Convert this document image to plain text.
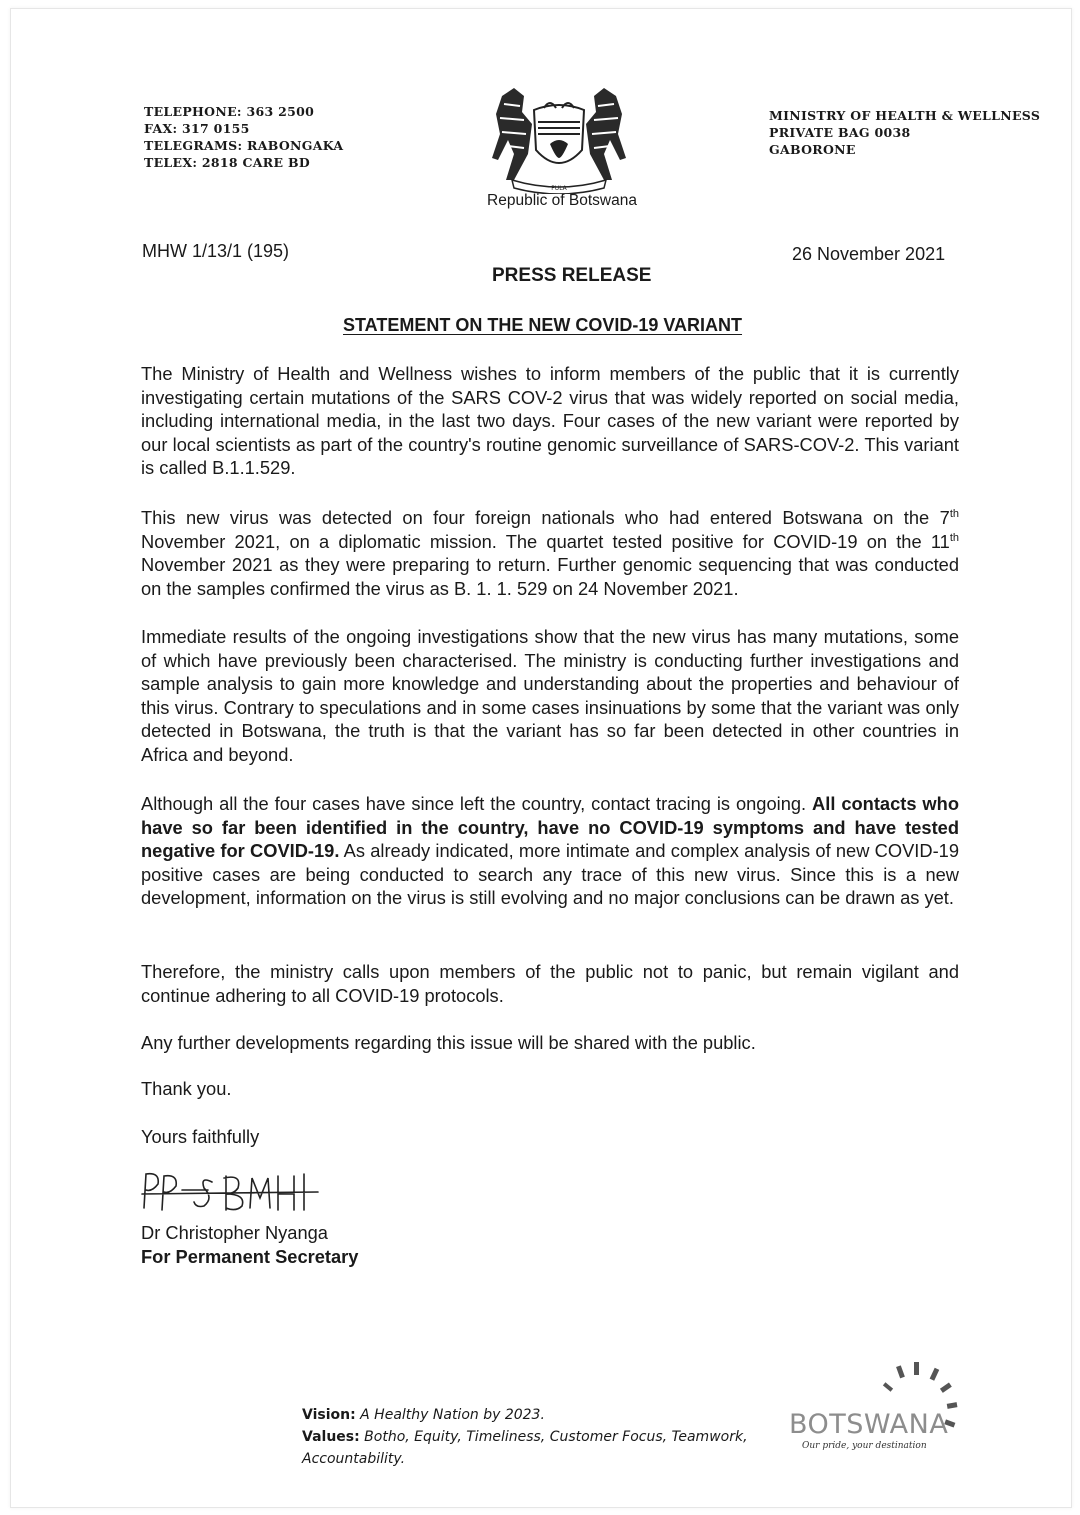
TELEPHONE: 363 2500
FAX: 317 0155
TELEGRAMS: RABONGAKA
TELEX: 2818 CARE BD
PULA
Republic of Botswana
MINISTRY OF HEALTH & WELLNESS
PRIVATE BAG 0038
GABORONE
MHW 1/13/1 (195)	26 November 2021
PRESS RELEASE
STATEMENT ON THE NEW COVID-19 VARIANT
The Ministry of Health and Wellness wishes to inform members of the public that it is currently investigating certain mutations of the SARS COV-2 virus that was widely reported on social media, including international media, in the last two days. Four cases of the new variant were reported by our local scientists as part of the country's routine genomic surveillance of SARS-COV-2. This variant is called B.1.1.529.
This new virus was detected on four foreign nationals who had entered Botswana on the 7th November 2021, on a diplomatic mission. The quartet tested positive for COVID-19 on the 11th November 2021 as they were preparing to return. Further genomic sequencing that was conducted on the samples confirmed the virus as B. 1. 1. 529 on 24 November 2021.
Immediate results of the ongoing investigations show that the new virus has many mutations, some of which have previously been characterised. The ministry is conducting further investigations and sample analysis to gain more knowledge and understanding about the properties and behaviour of this virus. Contrary to speculations and in some cases insinuations by some that the variant was only detected in Botswana, the truth is that the variant has so far been detected in other countries in Africa and beyond.
Although all the four cases have since left the country, contact tracing is ongoing. All contacts who have so far been identified in the country, have no COVID-19 symptoms and have tested negative for COVID-19. As already indicated, more intimate and complex analysis of new COVID-19 positive cases are being conducted to search any trace of this new virus. Since this is a new development, information on the virus is still evolving and no major conclusions can be drawn as yet.
Therefore, the ministry calls upon members of the public not to panic, but remain vigilant and continue adhering to all COVID-19 protocols.
Any further developments regarding this issue will be shared with the public.
Thank you.
Yours faithfully
Dr Christopher Nyanga
For Permanent Secretary
Vision: A Healthy Nation by 2023.
Values: Botho, Equity, Timeliness, Customer Focus, Teamwork,
Accountability.
BOTSWANA
Our pride, your destination
